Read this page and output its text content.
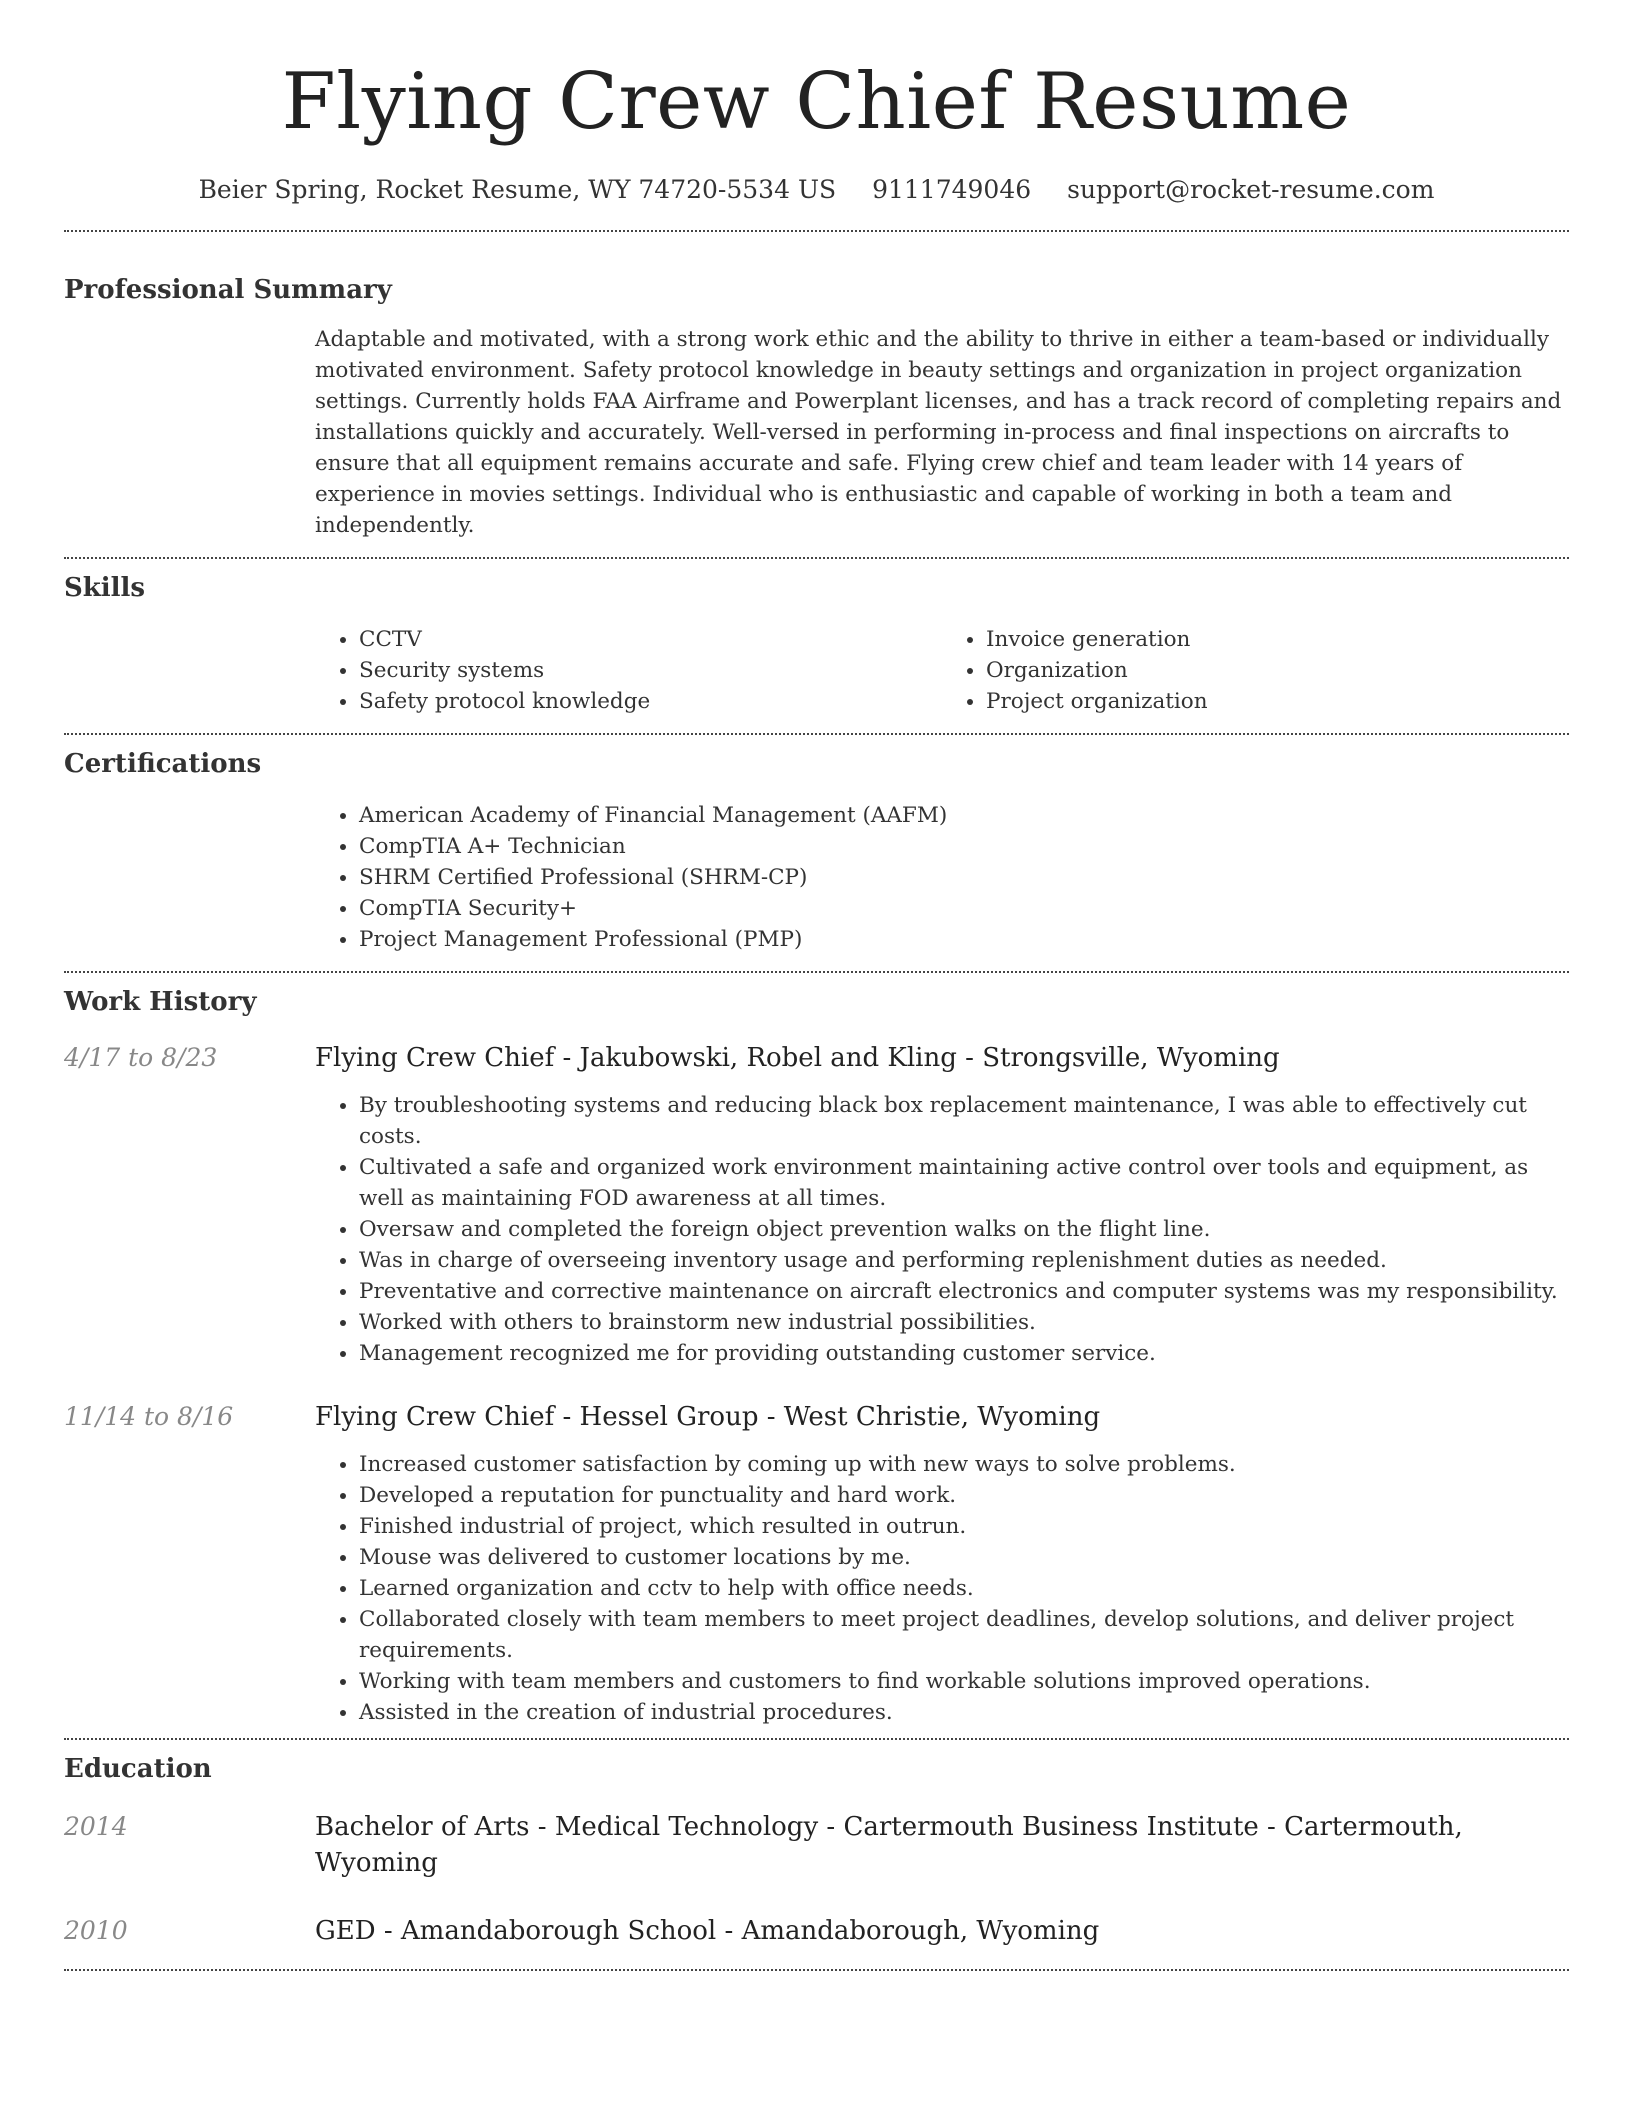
Flying Crew Chief Resume
Beier Spring, Rocket Resume, WY 74720-5534 US 9111749046 support@rocket-resume.com
Professional Summary

Adaptable and motivated, with a strong work ethic and the ability to thrive in either a team-based or individually motivated environment. Safety protocol knowledge in beauty settings and organization in project organization settings. Currently holds FAA Airframe and Powerplant licenses, and has a track record of completing repairs and installations quickly and accurately. Well-versed in performing in-process and final inspections on aircrafts to ensure that all equipment remains accurate and safe. Flying crew chief and team leader with 14 years of experience in movies settings. Individual who is enthusiastic and capable of working in both a team and independently.

Skills
• CCTV
• Security systems
• Safety protocol knowledge
• Invoice generation
• Organization
• Project organization
Certifications
• American Academy of Financial Management (AAFM)
• CompTIA A+ Technician
• SHRM Certified Professional (SHRM-CP)
• CompTIA Security+
• Project Management Professional (PMP)
Work History
4/17 to 8/23	Flying Crew Chief - Jakubowski, Robel and Kling - Strongsville, Wyoming
• By troubleshooting systems and reducing black box replacement maintenance, I was able to effectively cut costs.
• Cultivated a safe and organized work environment maintaining active control over tools and equipment, as well as maintaining FOD awareness at all times.
• Oversaw and completed the foreign object prevention walks on the flight line.
• Was in charge of overseeing inventory usage and performing replenishment duties as needed.
• Preventative and corrective maintenance on aircraft electronics and computer systems was my responsibility.
• Worked with others to brainstorm new industrial possibilities.
• Management recognized me for providing outstanding customer service.
11/14 to 8/16	Flying Crew Chief - Hessel Group - West Christie, Wyoming
• Increased customer satisfaction by coming up with new ways to solve problems.
• Developed a reputation for punctuality and hard work.
• Finished industrial of project, which resulted in outrun.
• Mouse was delivered to customer locations by me.
• Learned organization and cctv to help with office needs.
• Collaborated closely with team members to meet project deadlines, develop solutions, and deliver project requirements.
• Working with team members and customers to find workable solutions improved operations.
• Assisted in the creation of industrial procedures.
Education
2014	Bachelor of Arts - Medical Technology - Cartermouth Business Institute - Cartermouth, Wyoming
2010	GED - Amandaborough School - Amandaborough, Wyoming
